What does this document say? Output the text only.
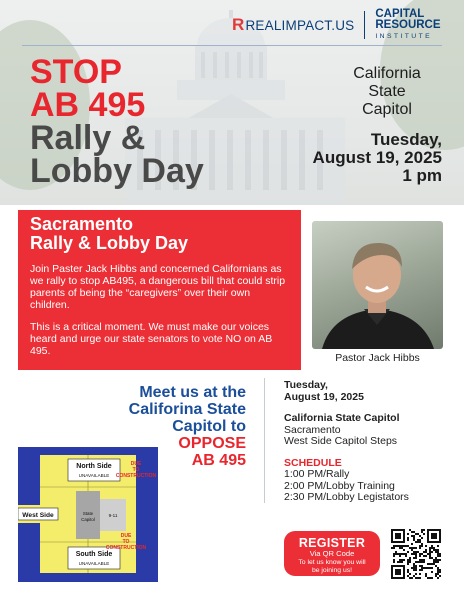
R REALIMPACT.US
CAPITAL
RESOURCE
INSTITUTE
STOP
AB 495
Rally &
Lobby Day
California
State
Capitol
Tuesday,
August 19, 2025
1 pm
Sacramento
Rally & Lobby Day

Join Paster Jack Hibbs and concerned Californians as we rally to stop AB495, a dangerous bill that could strip parents of being the “caregivers” over their own children.

This is a critical moment. We must make our voices heard and urge our state senators to vote NO on AB 495.

Pastor Jack Hibbs
Meet us at the
Califorina State
Capitol to
OPPOSE
AB 495
North Side
UNAVAILABLE
South Side
UNAVAILABLE
West Side	State
Capitol
9-11
DUE
TO
CONSTRUCTION
DUE
TO
CONSTRUCTION
Tuesday,
August 19, 2025
California State Capitol
Sacramento
West Side Capitol Steps
SCHEDULE
1:00 PM/Rally
2:00 PM/Lobby Training
2:30 PM/Lobby Legistators
REGISTER
Via QR Code
To let us know you will
be joining us!
